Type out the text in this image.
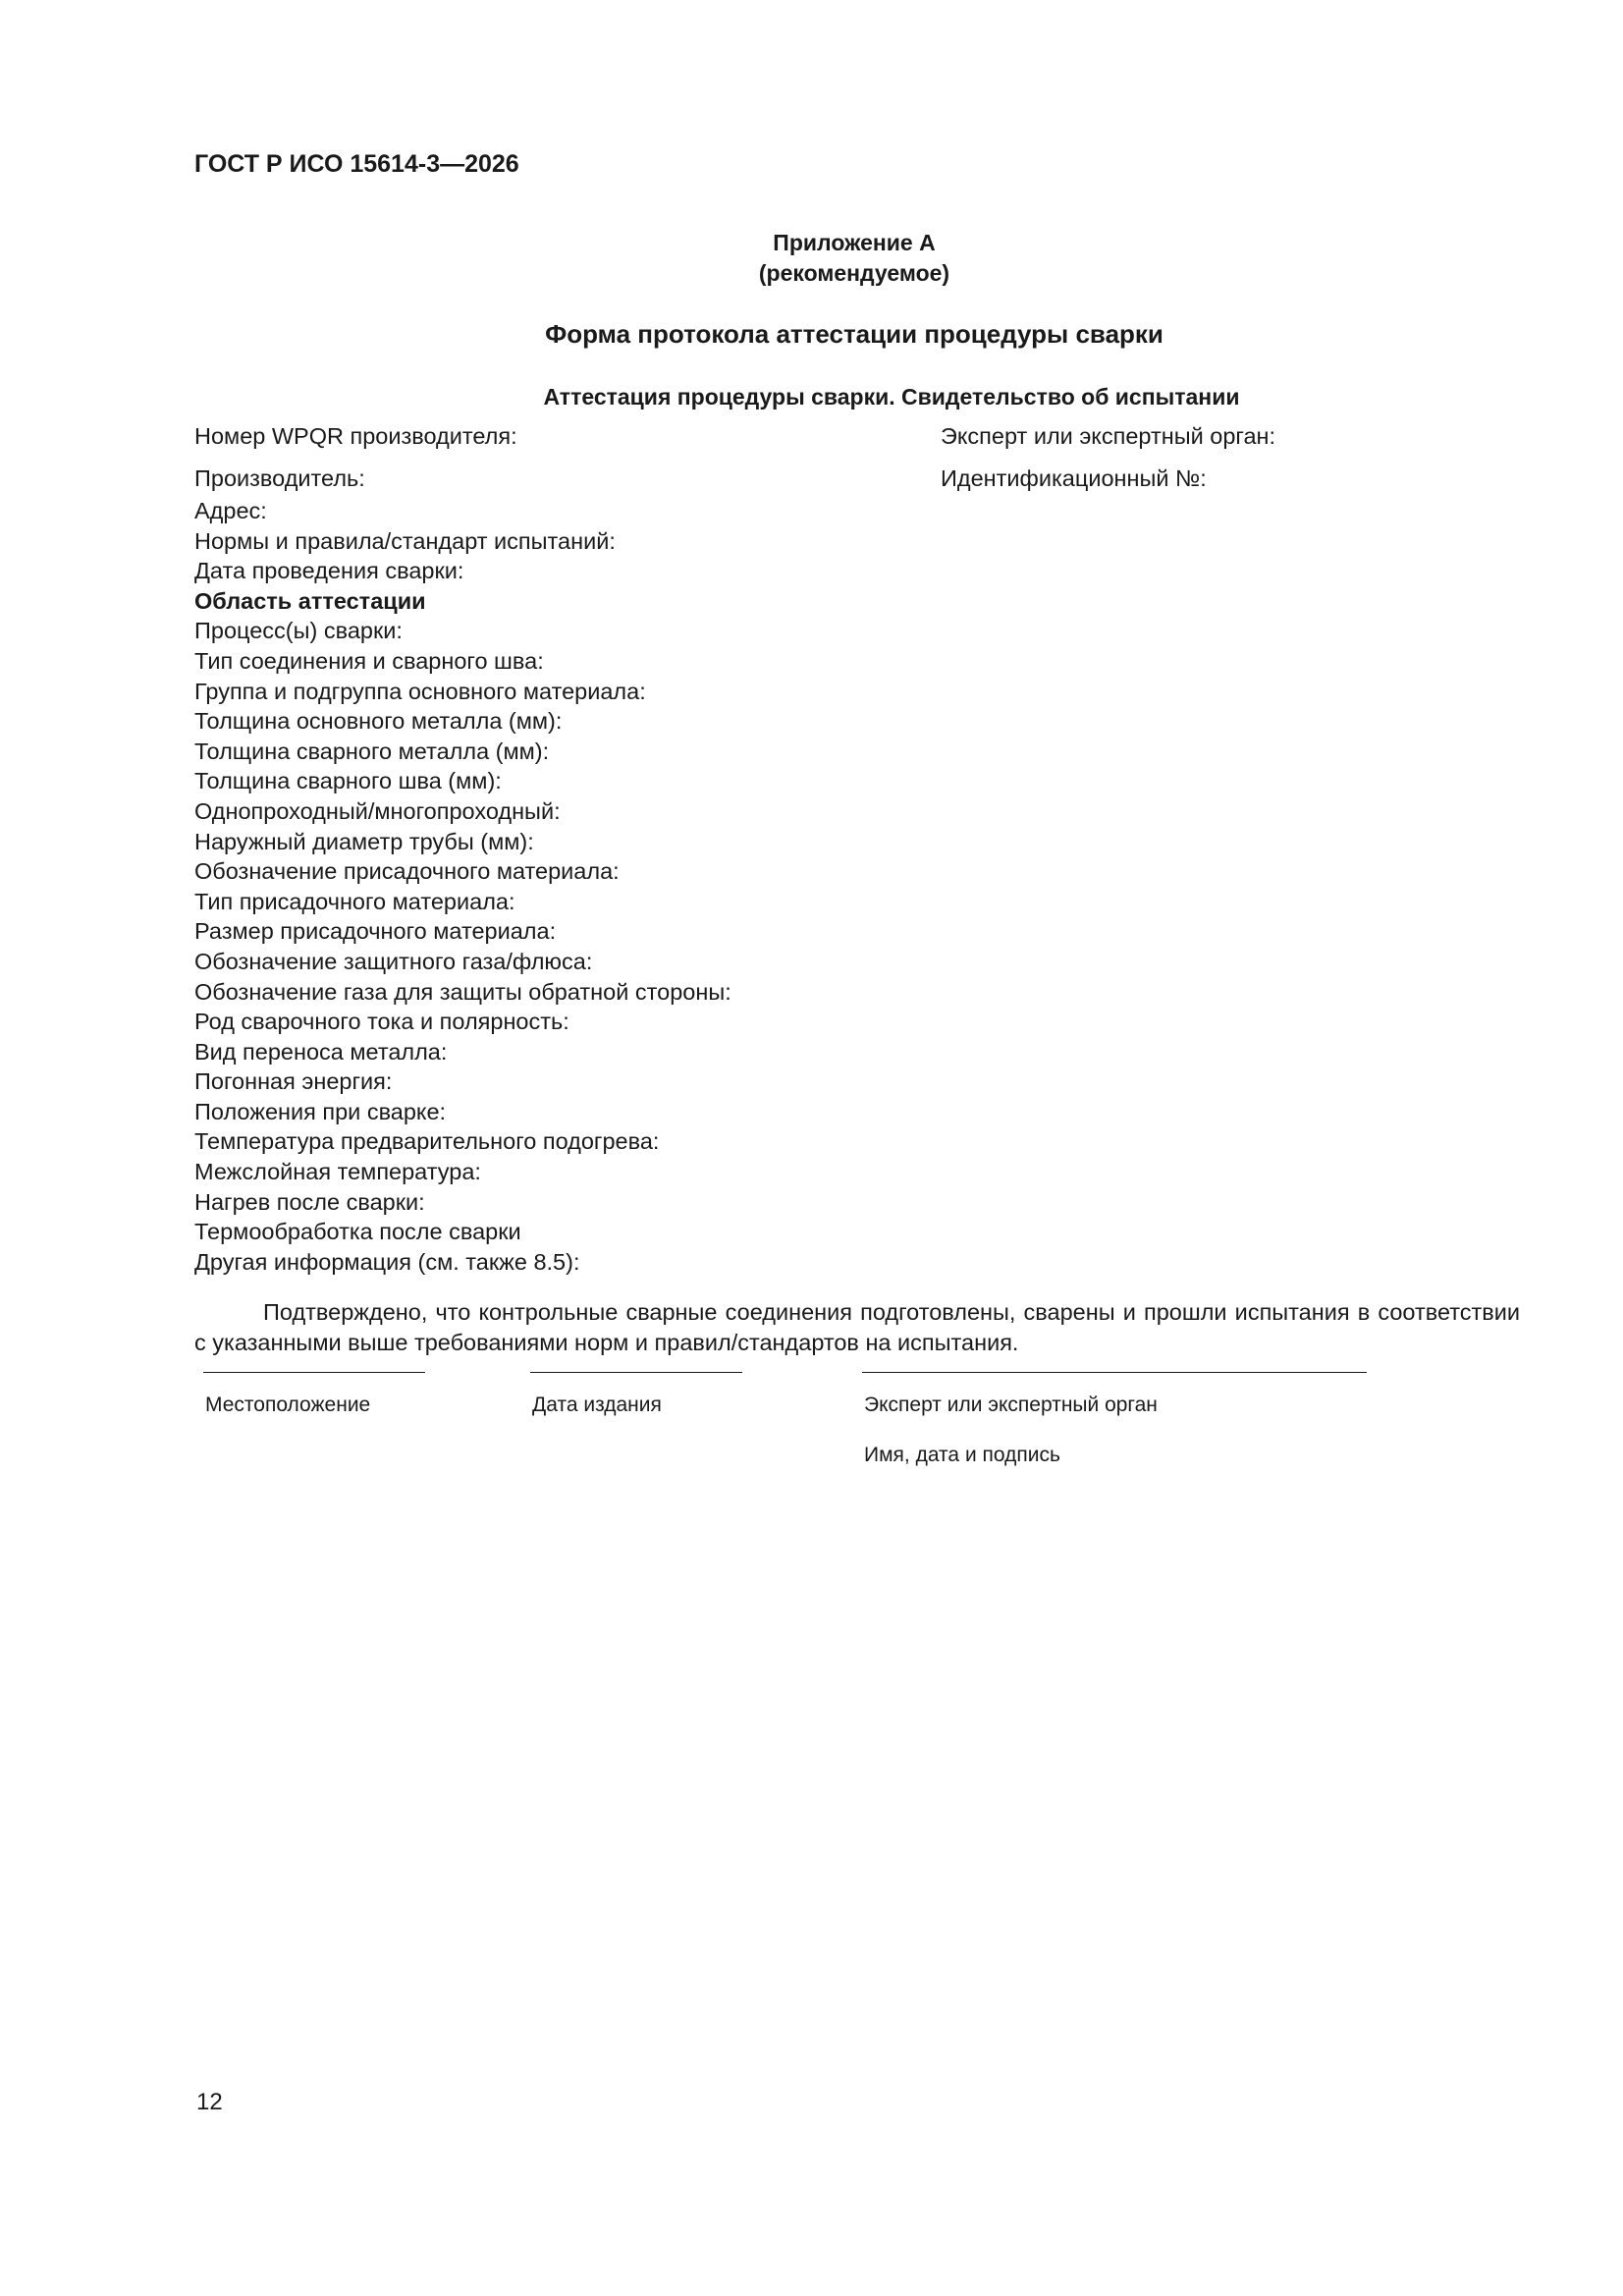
ГОСТ Р ИСО 15614-3—2026
Приложение А
(рекомендуемое)
Форма протокола аттестации процедуры сварки
Аттестация процедуры сварки. Свидетельство об испытании
Номер WPQR производителя:	Эксперт или экспертный орган:
Производитель:	Идентификационный №:
Адрес:
Нормы и правила/стандарт испытаний:
Дата проведения сварки:
Область аттестации
Процесс(ы) сварки:
Тип соединения и сварного шва:
Группа и подгруппа основного материала:
Толщина основного металла (мм):
Толщина сварного металла (мм):
Толщина сварного шва (мм):
Однопроходный/многопроходный:
Наружный диаметр трубы (мм):
Обозначение присадочного материала:
Тип присадочного материала:
Размер присадочного материала:
Обозначение защитного газа/флюса:
Обозначение газа для защиты обратной стороны:
Род сварочного тока и полярность:
Вид переноса металла:
Погонная энергия:
Положения при сварке:
Температура предварительного подогрева:
Межслойная температура:
Нагрев после сварки:
Термообработка после сварки
Другая информация (см. также 8.5):

Подтверждено, что контрольные сварные соединения подготовлены, сварены и прошли испытания в соответствии с указанными выше требованиями норм и правил/стандартов на испытания.

Местоположение	Дата издания	Эксперт или экспертный орган
Имя, дата и подпись
12
